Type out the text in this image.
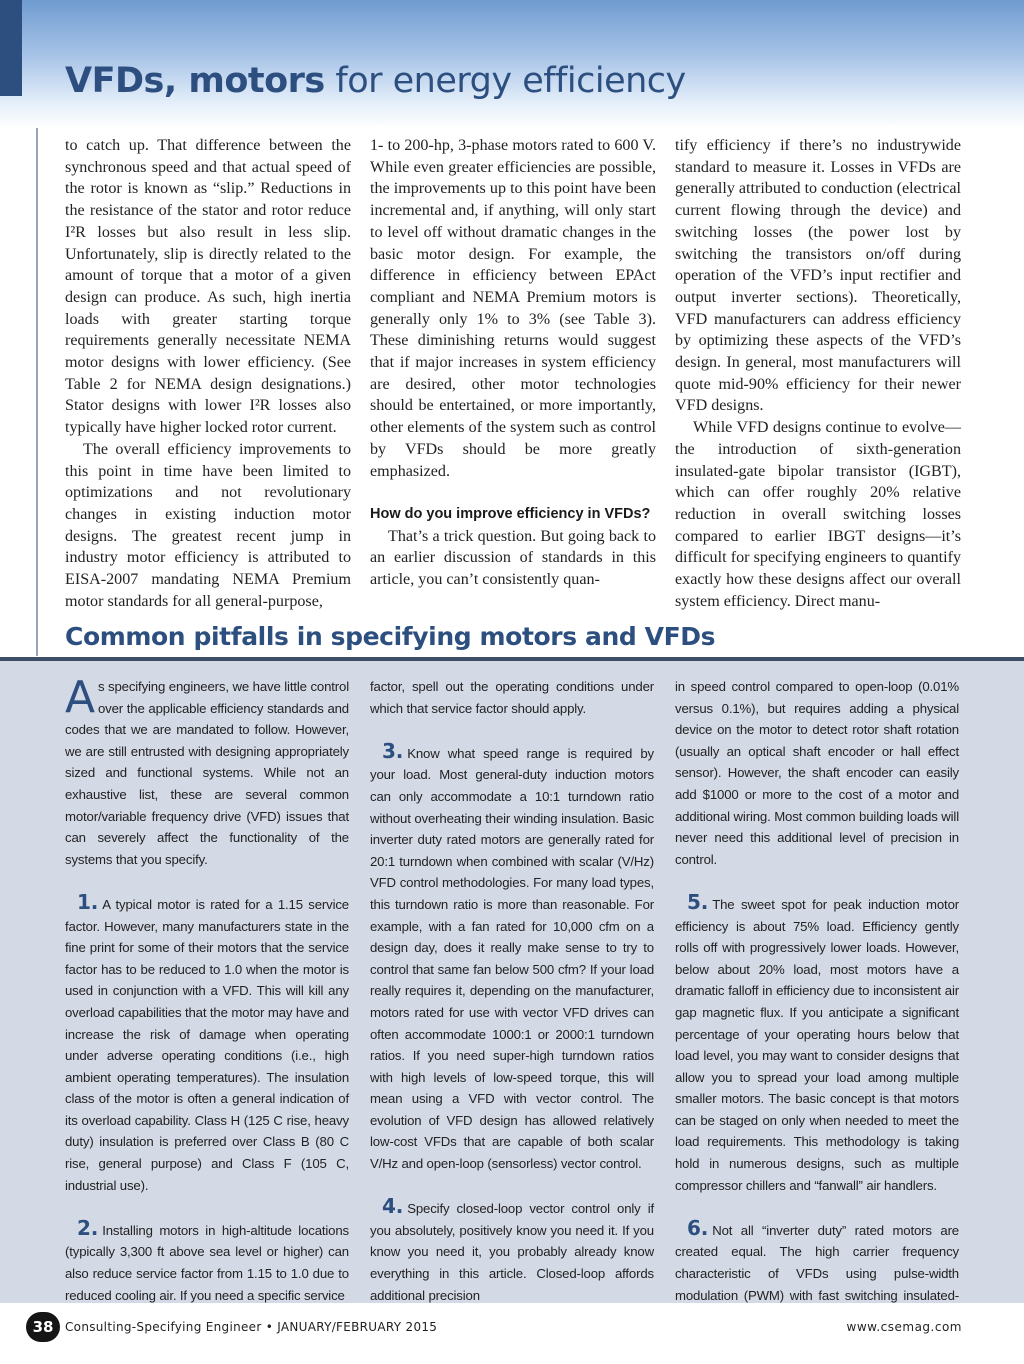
VFDs, motors for energy efficiency

to catch up. That difference between the synchronous speed and that actual speed of the rotor is known as “slip.” Reductions in the resistance of the stator and rotor reduce I²R losses but also result in less slip. Unfortunately, slip is directly related to the amount of torque that a motor of a given design can produce. As such, high inertia loads with greater starting torque requirements generally necessitate NEMA motor designs with lower efficiency. (See Table 2 for NEMA design designations.) Stator designs with lower I²R losses also typically have higher locked rotor current.

The overall efficiency improvements to this point in time have been limited to optimizations and not revolutionary changes in existing induction motor designs. The greatest recent jump in industry motor efficiency is attributed to EISA-2007 mandating NEMA Premium motor standards for all general-purpose,

1- to 200-hp, 3-phase motors rated to 600 V. While even greater efficiencies are possible, the improvements up to this point have been incremental and, if anything, will only start to level off without dramatic changes in the basic motor design. For example, the difference in efficiency between EPAct compliant and NEMA Premium motors is generally only 1% to 3% (see Table 3). These diminishing returns would suggest that if major increases in system efficiency are desired, other motor technologies should be entertained, or more importantly, other elements of the system such as control by VFDs should be more greatly emphasized.

How do you improve efficiency in VFDs?

That’s a trick question. But going back to an earlier discussion of standards in this article, you can’t consistently quan-

tify efficiency if there’s no industrywide standard to measure it. Losses in VFDs are generally attributed to conduction (electrical current flowing through the device) and switching losses (the power lost by switching the transistors on/off during operation of the VFD’s input rectifier and output inverter sections). Theoretically, VFD manufacturers can address efficiency by optimizing these aspects of the VFD’s design. In general, most manufacturers will quote mid-90% efficiency for their newer VFD designs.

While VFD designs continue to evolve—the introduction of sixth-generation insulated-gate bipolar transistor (IGBT), which can offer roughly 20% relative reduction in overall switching losses compared to earlier IBGT designs—it’s difficult for specifying engineers to quantify exactly how these designs affect our overall system efficiency. Direct manu-

Common pitfalls in specifying motors and VFDs

As specifying engineers, we have little control over the applicable efficiency standards and codes that we are mandated to follow. However, we are still entrusted with designing appropriately sized and functional systems. While not an exhaustive list, these are several common motor/variable frequency drive (VFD) issues that can severely affect the functionality of the systems that you specify.

1. A typical motor is rated for a 1.15 service factor. However, many manufacturers state in the fine print for some of their motors that the service factor has to be reduced to 1.0 when the motor is used in conjunction with a VFD. This will kill any overload capabilities that the motor may have and increase the risk of damage when operating under adverse operating conditions (i.e., high ambient operating temperatures). The insulation class of the motor is often a general indication of its overload capability. Class H (125 C rise, heavy duty) insulation is preferred over Class B (80 C rise, general purpose) and Class F (105 C, industrial use).

2. Installing motors in high-altitude locations (typically 3,300 ft above sea level or higher) can also reduce service factor from 1.15 to 1.0 due to reduced cooling air. If you need a specific service

factor, spell out the operating conditions under which that service factor should apply.

3. Know what speed range is required by your load. Most general-duty induction motors can only accommodate a 10:1 turndown ratio without overheating their winding insulation. Basic inverter duty rated motors are generally rated for 20:1 turndown when combined with scalar (V/Hz) VFD control methodologies. For many load types, this turndown ratio is more than reasonable. For example, with a fan rated for 10,000 cfm on a design day, does it really make sense to try to control that same fan below 500 cfm? If your load really requires it, depending on the manufacturer, motors rated for use with vector VFD drives can often accommodate 1000:1 or 2000:1 turndown ratios. If you need super-high turndown ratios with high levels of low-speed torque, this will mean using a VFD with vector control. The evolution of VFD design has allowed relatively low-cost VFDs that are capable of both scalar V/Hz and open-loop (sensorless) vector control.

4. Specify closed-loop vector control only if you absolutely, positively know you need it. If you know you need it, you probably already know everything in this article. Closed-loop affords additional precision

in speed control compared to open-loop (0.01% versus 0.1%), but requires adding a physical device on the motor to detect rotor shaft rotation (usually an optical shaft encoder or hall effect sensor). However, the shaft encoder can easily add $1000 or more to the cost of a motor and additional wiring. Most common building loads will never need this additional level of precision in control.

5. The sweet spot for peak induction motor efficiency is about 75% load. Efficiency gently rolls off with progressively lower loads. However, below about 20% load, most motors have a dramatic falloff in efficiency due to inconsistent air gap magnetic flux. If you anticipate a significant percentage of your operating hours below that load level, you may want to consider designs that allow you to spread your load among multiple smaller motors. The basic concept is that motors can be staged on only when needed to meet the load requirements. This methodology is taking hold in numerous designs, such as multiple compressor chillers and “fanwall” air handlers.

6. Not all “inverter duty” rated motors are created equal. The high carrier frequency characteristic of VFDs using pulse-width modulation (PWM) with fast switching insulated-

38 Consulting-Specifying Engineer • JANUARY/FEBRUARY 2015	www.csemag.com
